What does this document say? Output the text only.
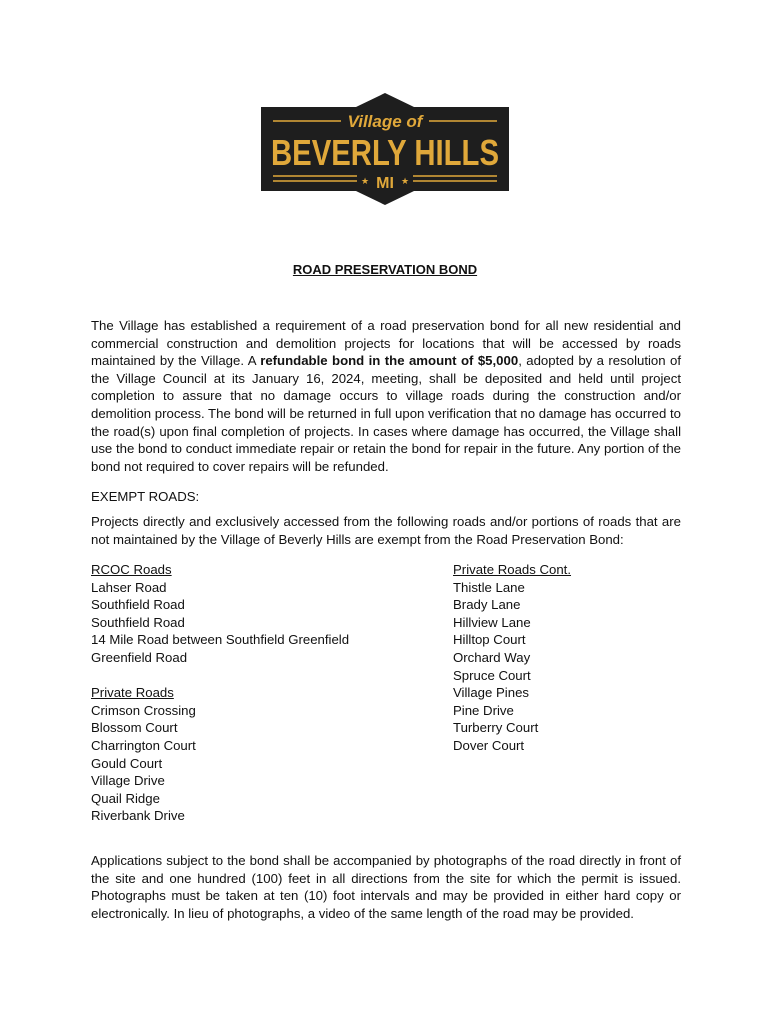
Village of
BEVERLY HILLS
★	★
MI
ROAD PRESERVATION BOND

The Village has established a requirement of a road preservation bond for all new residential and commercial construction and demolition projects for locations that will be accessed by roads maintained by the Village. A refundable bond in the amount of $5,000, adopted by a resolution of the Village Council at its January 16, 2024, meeting, shall be deposited and held until project completion to assure that no damage occurs to village roads during the construction and/or demolition process. The bond will be returned in full upon verification that no damage has occurred to the road(s) upon final completion of projects. In cases where damage has occurred, the Village shall use the bond to conduct immediate repair or retain the bond for repair in the future. Any portion of the bond not required to cover repairs will be refunded.

EXEMPT ROADS:

Projects directly and exclusively accessed from the following roads and/or portions of roads that are not maintained by the Village of Beverly Hills are exempt from the Road Preservation Bond:

RCOC Roads
Lahser Road
Southfield Road
Southfield Road
14 Mile Road between Southfield Greenfield
Greenfield Road
Private Roads
Crimson Crossing
Blossom Court
Charrington Court
Gould Court
Village Drive
Quail Ridge
Riverbank Drive
Private Roads Cont.
Thistle Lane
Brady Lane
Hillview Lane
Hilltop Court
Orchard Way
Spruce Court
Village Pines
Pine Drive
Turberry Court
Dover Court

Applications subject to the bond shall be accompanied by photographs of the road directly in front of the site and one hundred (100) feet in all directions from the site for which the permit is issued. Photographs must be taken at ten (10) foot intervals and may be provided in either hard copy or electronically. In lieu of photographs, a video of the same length of the road may be provided.
